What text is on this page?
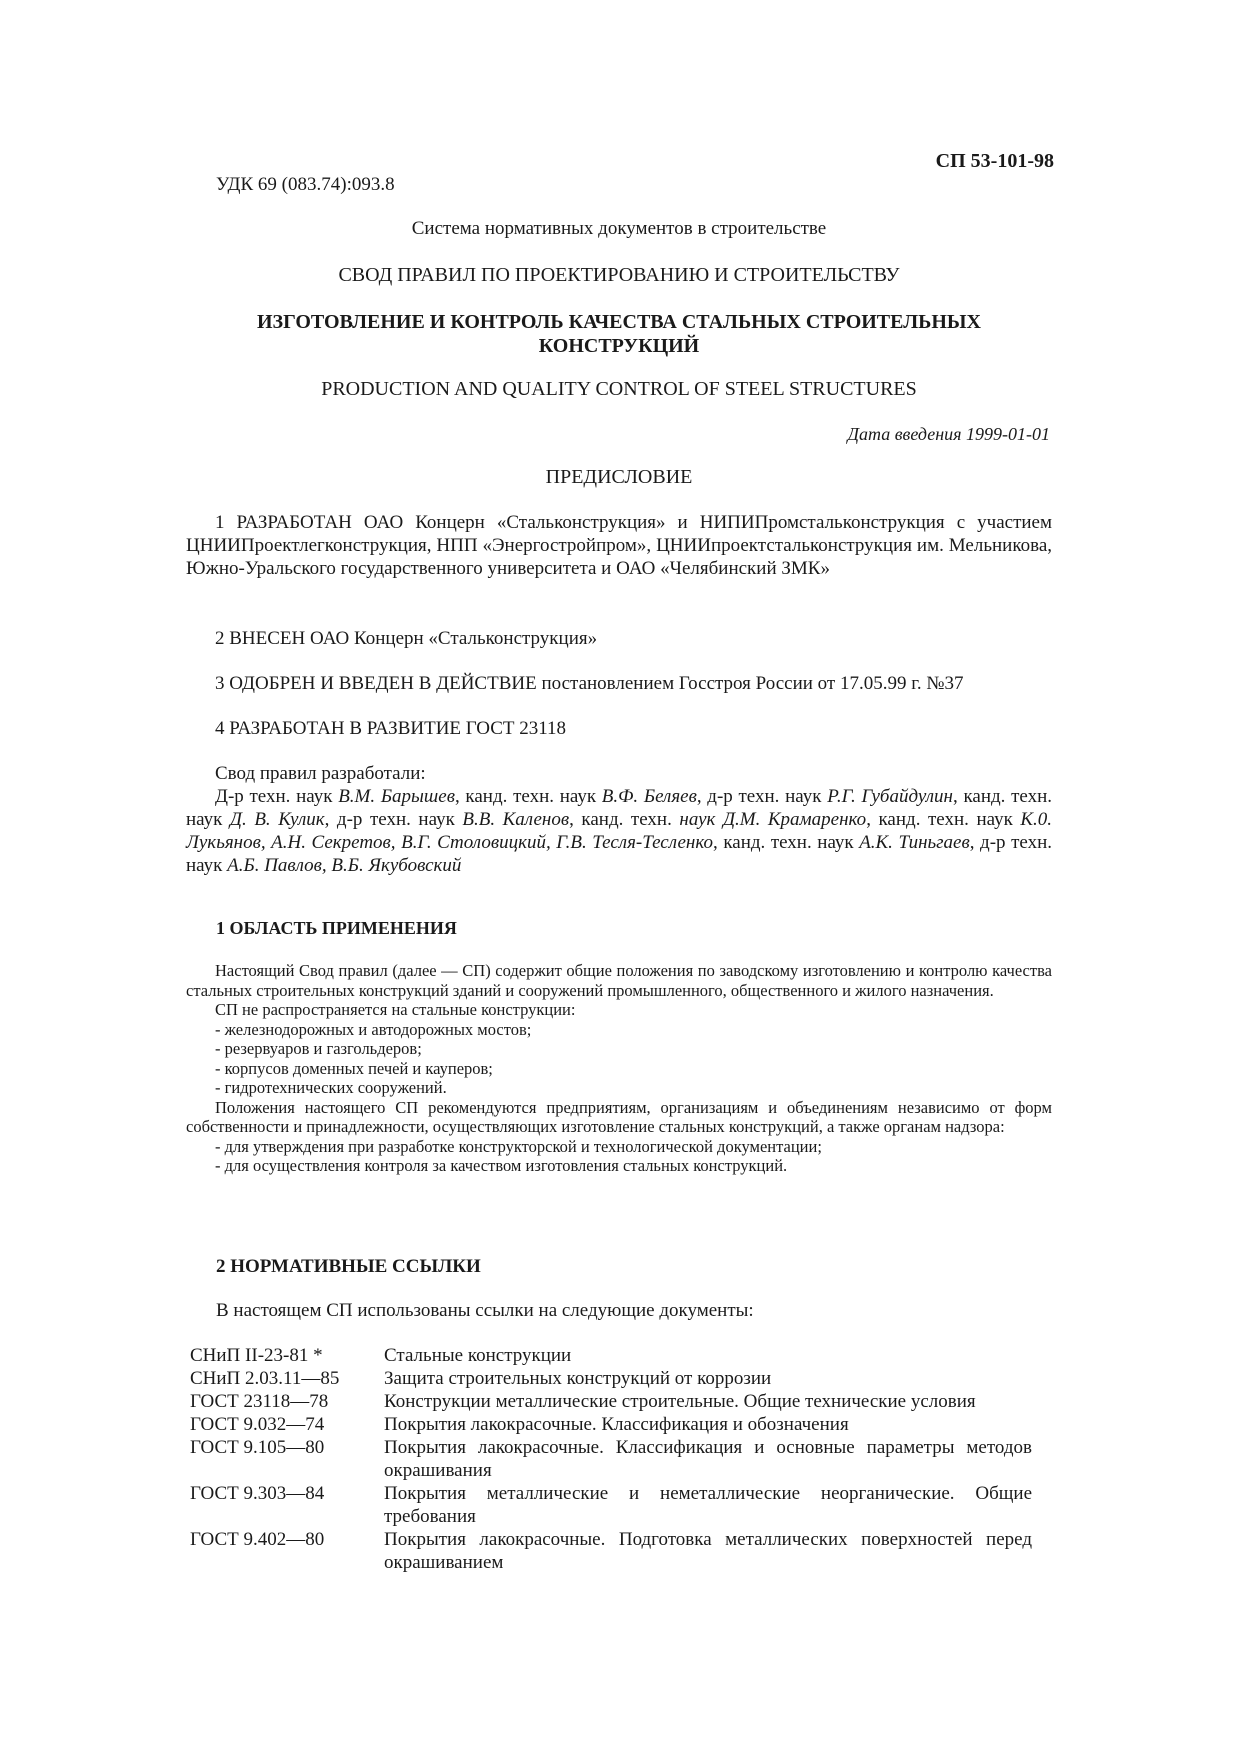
СП 53-101-98
УДК 69 (083.74):093.8
Система нормативных документов в строительстве
СВОД ПРАВИЛ ПО ПРОЕКТИРОВАНИЮ И СТРОИТЕЛЬСТВУ
ИЗГОТОВЛЕНИЕ И КОНТРОЛЬ КАЧЕСТВА СТАЛЬНЫХ СТРОИТЕЛЬНЫХ
КОНСТРУКЦИЙ
PRODUCTION AND QUALITY CONTROL OF STEEL STRUCTURES
Дата введения 1999-01-01
ПРЕДИСЛОВИЕ
1 РАЗРАБОТАН ОАО Концерн «Стальконструкция» и НИПИПромстальконструкция с участием ЦНИИПроектлегконструкция, НПП «Энергостройпром», ЦНИИпроектстальконструкция им. Мельникова, Южно-Уральского государственного университета и ОАО «Челябинский ЗМК»
2 ВНЕСЕН ОАО Концерн «Стальконструкция»
3 ОДОБРЕН И ВВЕДЕН В ДЕЙСТВИЕ постановлением Госстроя России от 17.05.99 г. №37
4 РАЗРАБОТАН В РАЗВИТИЕ ГОСТ 23118
Свод правил разработали:
Д-р техн. наук В.М. Барышев, канд. техн. наук В.Ф. Беляев, д-р техн. наук Р.Г. Губайдулин, канд. техн. наук Д. В. Кулик, д-р техн. наук В.В. Каленов, канд. техн. наук Д.М. Крамаренко, канд. техн. наук К.0. Лукьянов, А.Н. Секретов, В.Г. Столовицкий, Г.В. Тесля-Тесленко, канд. техн. наук А.К. Тиньгаев, д-р техн. наук А.Б. Павлов, В.Б. Якубовский
1 ОБЛАСТЬ ПРИМЕНЕНИЯ

Настоящий Свод правил (далее — СП) содержит общие положения по заводскому изготовлению и контролю качества стальных строительных конструкций зданий и сооружений промышленного, общественного и жилого назначения.

СП не распространяется на стальные конструкции:

- железнодорожных и автодорожных мостов;

- резервуаров и газгольдеров;

- корпусов доменных печей и кауперов;

- гидротехнических сооружений.

Положения настоящего СП рекомендуются предприятиям, организациям и объединениям независимо от форм собственности и принадлежности, осуществляющих изготовление стальных конструкций, а также органам надзора:

- для утверждения при разработке конструкторской и технологической документации;

- для осуществления контроля за качеством изготовления стальных конструкций.

2 НОРМАТИВНЫЕ ССЫЛКИ
В настоящем СП использованы ссылки на следующие документы:
СНиП II-23-81 *	Стальные конструкции
СНиП 2.03.11—85	Защита строительных конструкций от коррозии
ГОСТ 23118—78	Конструкции металлические строительные. Общие технические условия
ГОСТ 9.032—74	Покрытия лакокрасочные. Классификация и обозначения
ГОСТ 9.105—80	Покрытия лакокрасочные. Классификация и основные параметры методов окрашивания
ГОСТ 9.303—84	Покрытия металлические и неметаллические неорганические. Общие требования
ГОСТ 9.402—80	Покрытия лакокрасочные. Подготовка металлических поверхностей перед окрашиванием
